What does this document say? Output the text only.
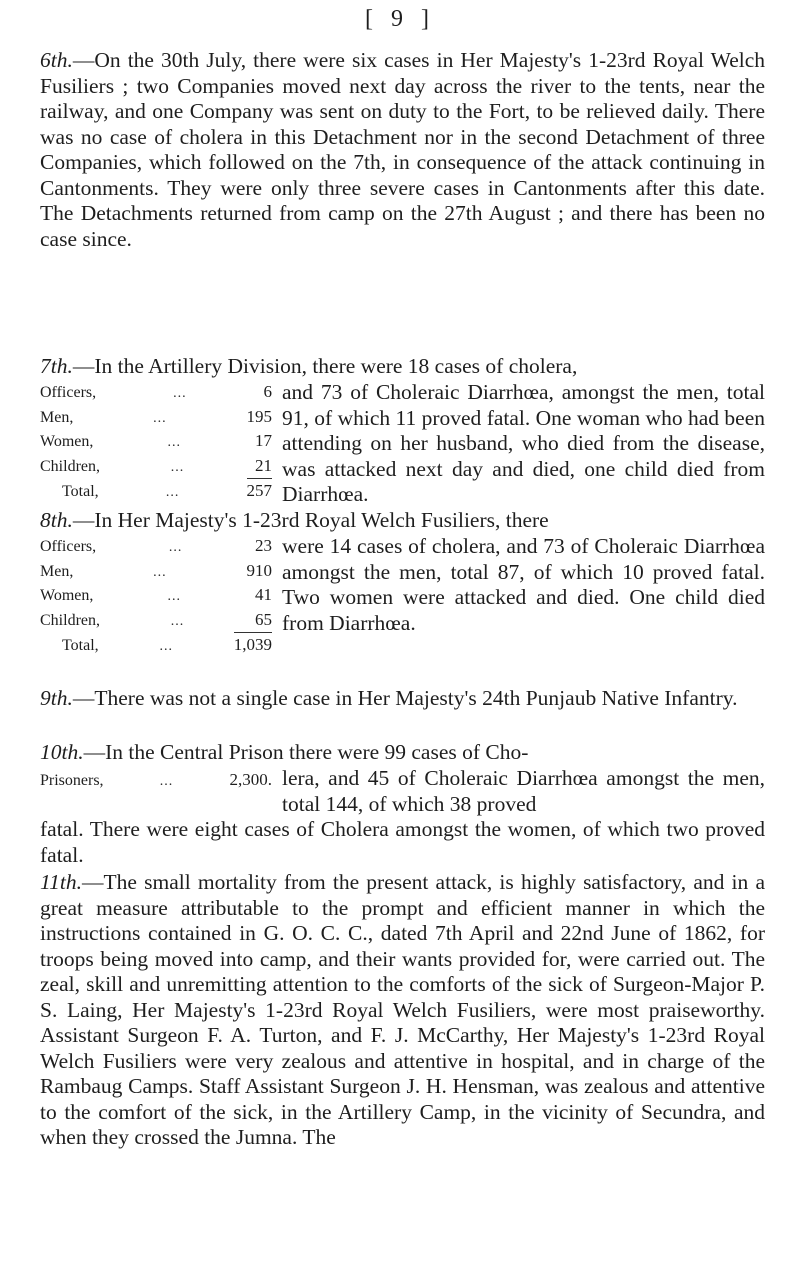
[ 9 ]
6th.—On the 30th July, there were six cases in Her Majesty's 1-23rd Royal Welch Fusiliers ; two Companies moved next day across the river to the tents, near the railway, and one Company was sent on duty to the Fort, to be relieved daily. There was no case of cholera in this Detachment nor in the second Detachment of three Companies, which followed on the 7th, in consequence of the attack continuing in Cantonments. They were only three severe cases in Cantonments after this date. The Detachments returned from camp on the 27th August ; and there has been no case since.
7th.—In the Artillery Division, there were 18 cases of cholera,
Officers,	...	6
Men,	...	195
Women,	...	17
Children,	...	21
Total,	...	257
and 73 of Choleraic Diarrhœa, amongst the men, total 91, of which 11 proved fatal. One woman who had been attending on her husband, who died from the disease, was attacked next day and died, one child died from Diarrhœa.
8th.—In Her Majesty's 1-23rd Royal Welch Fusiliers, there
Officers,	...	23
Men,	...	910
Women,	...	41
Children,	...	65
Total,	...	1,039
were 14 cases of cholera, and 73 of Choleraic Diarrhœa amongst the men, total 87, of which 10 proved fatal. Two women were attacked and died. One child died from Diarrhœa.
9th.—There was not a single case in Her Majesty's 24th Punjaub Native Infantry.
10th.—In the Central Prison there were 99 cases of Cho-
Prisoners,	...	2,300. lera, and 45 of Choleraic Diarrhœa amongst the men, total 144, of which 38 proved
fatal. There were eight cases of Cholera amongst the women, of which two proved fatal.
11th.—The small mortality from the present attack, is highly satisfactory, and in a great measure attributable to the prompt and efficient manner in which the instructions contained in G. O. C. C., dated 7th April and 22nd June of 1862, for troops being moved into camp, and their wants provided for, were carried out. The zeal, skill and unremitting attention to the comforts of the sick of Surgeon-Major P. S. Laing, Her Majesty's 1-23rd Royal Welch Fusiliers, were most praiseworthy. Assistant Surgeon F. A. Turton, and F. J. McCarthy, Her Majesty's 1-23rd Royal Welch Fusiliers were very zealous and attentive in hospital, and in charge of the Rambaug Camps. Staff Assistant Surgeon J. H. Hensman, was zealous and attentive to the comfort of the sick, in the Artillery Camp, in the vicinity of Secundra, and when they crossed the Jumna. The
